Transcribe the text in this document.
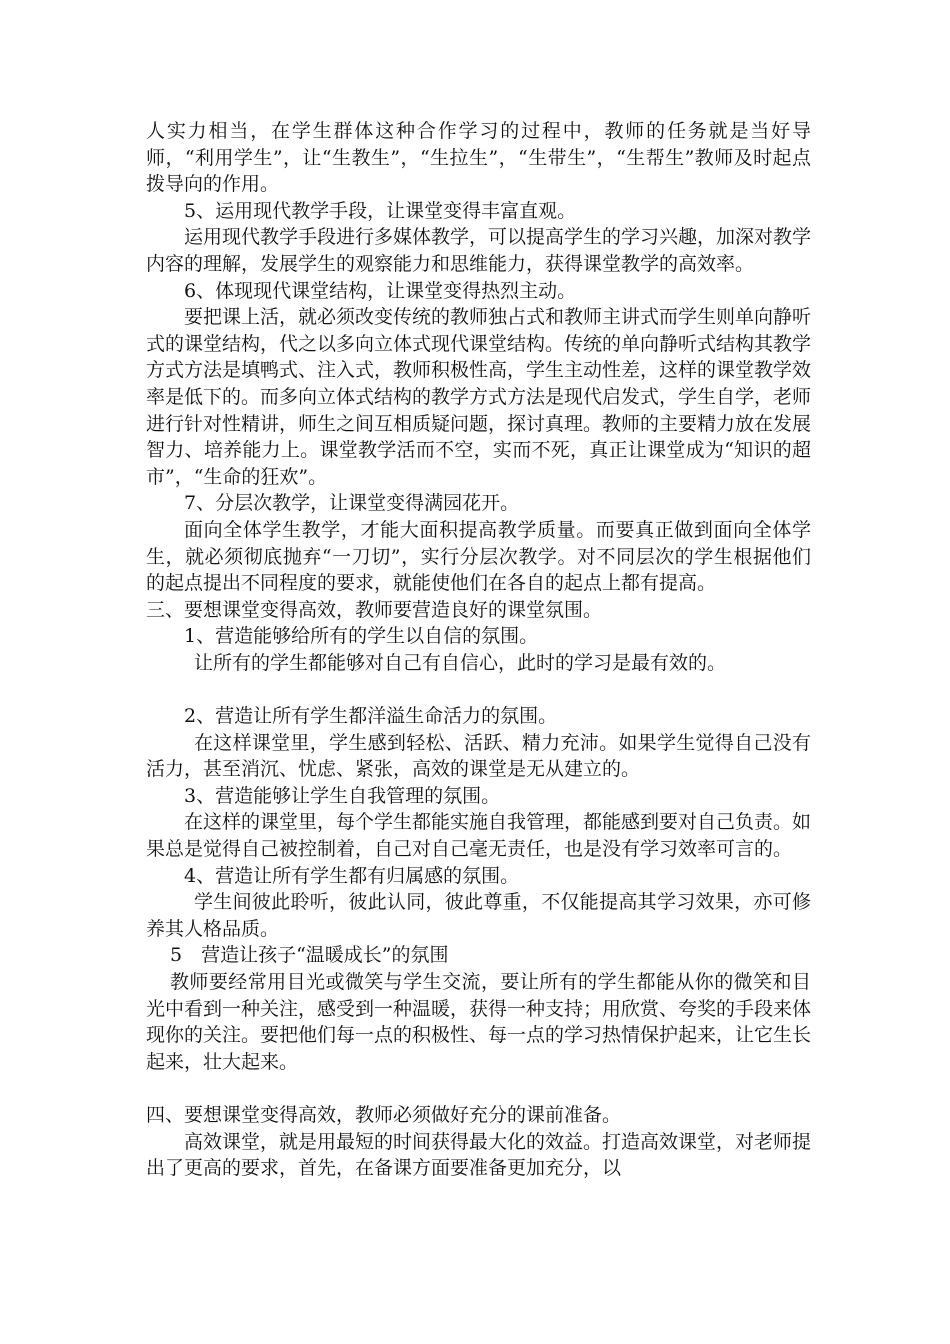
人实力相当，在学生群体这种合作学习的过程中，教师的任务就是当好导师，“利用学生”，让“生教生”，“生拉生”，“生带生”，“生帮生”教师及时起点拨导向的作用。

5、运用现代教学手段，让课堂变得丰富直观。

运用现代教学手段进行多媒体教学，可以提高学生的学习兴趣，加深对教学内容的理解，发展学生的观察能力和思维能力，获得课堂教学的高效率。

6、体现现代课堂结构，让课堂变得热烈主动。

要把课上活，就必须改变传统的教师独占式和教师主讲式而学生则单向静听式的课堂结构，代之以多向立体式现代课堂结构。传统的单向静听式结构其教学方式方法是填鸭式、注入式，教师积极性高，学生主动性差，这样的课堂教学效率是低下的。而多向立体式结构的教学方式方法是现代启发式，学生自学，老师进行针对性精讲，师生之间互相质疑问题，探讨真理。教师的主要精力放在发展智力、培养能力上。课堂教学活而不空，实而不死，真正让课堂成为“知识的超市”，“生命的狂欢”。

7、分层次教学，让课堂变得满园花开。

面向全体学生教学，才能大面积提高教学质量。而要真正做到面向全体学生，就必须彻底抛弃“一刀切”，实行分层次教学。对不同层次的学生根据他们的起点提出不同程度的要求，就能使他们在各自的起点上都有提高。

三、要想课堂变得高效，教师要营造良好的课堂氛围。

1、营造能够给所有的学生以自信的氛围。

让所有的学生都能够对自己有自信心，此时的学习是最有效的。

2、营造让所有学生都洋溢生命活力的氛围。

在这样课堂里，学生感到轻松、活跃、精力充沛。如果学生觉得自己没有活力，甚至消沉、忧虑、紧张，高效的课堂是无从建立的。

3、营造能够让学生自我管理的氛围。

在这样的课堂里，每个学生都能实施自我管理，都能感到要对自己负责。如果总是觉得自己被控制着，自己对自己毫无责任，也是没有学习效率可言的。

4、营造让所有学生都有归属感的氛围。

学生间彼此聆听，彼此认同，彼此尊重，不仅能提高其学习效果，亦可修养其人格品质。

5　营造让孩子“温暖成长”的氛围

教师要经常用目光或微笑与学生交流，要让所有的学生都能从你的微笑和目光中看到一种关注，感受到一种温暖，获得一种支持；用欣赏、夸奖的手段来体现你的关注。要把他们每一点的积极性、每一点的学习热情保护起来，让它生长起来，壮大起来。

四、要想课堂变得高效，教师必须做好充分的课前准备。

高效课堂，就是用最短的时间获得最大化的效益。打造高效课堂，对老师提出了更高的要求，首先，在备课方面要准备更加充分，以
